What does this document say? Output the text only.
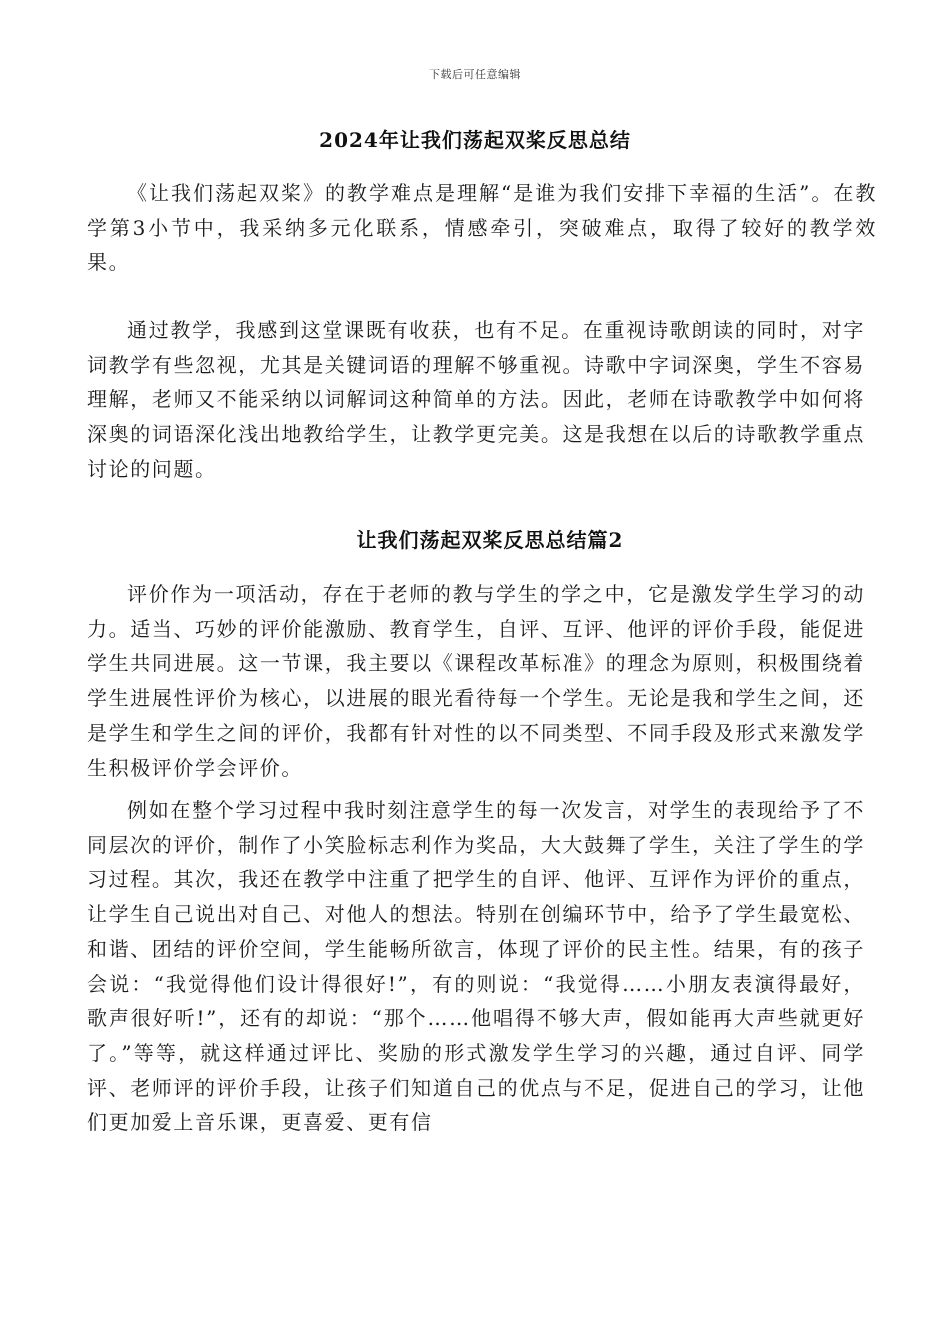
下载后可任意编辑
2024年让我们荡起双桨反思总结

《让我们荡起双桨》的教学难点是理解“是谁为我们安排下幸福的生活”。在教学第3小节中，我采纳多元化联系，情感牵引，突破难点，取得了较好的教学效果。

通过教学，我感到这堂课既有收获，也有不足。在重视诗歌朗读的同时，对字词教学有些忽视，尤其是关键词语的理解不够重视。诗歌中字词深奥，学生不容易理解，老师又不能采纳以词解词这种简单的方法。因此，老师在诗歌教学中如何将深奥的词语深化浅出地教给学生，让教学更完美。这是我想在以后的诗歌教学重点讨论的问题。

让我们荡起双桨反思总结篇2

评价作为一项活动，存在于老师的教与学生的学之中，它是激发学生学习的动力。适当、巧妙的评价能激励、教育学生，自评、互评、他评的评价手段，能促进学生共同进展。这一节课，我主要以《课程改革标准》的理念为原则，积极围绕着学生进展性评价为核心，以进展的眼光看待每一个学生。无论是我和学生之间，还是学生和学生之间的评价，我都有针对性的以不同类型、不同手段及形式来激发学生积极评价学会评价。

例如在整个学习过程中我时刻注意学生的每一次发言，对学生的表现给予了不同层次的评价，制作了小笑脸标志利作为奖品，大大鼓舞了学生，关注了学生的学习过程。其次，我还在教学中注重了把学生的自评、他评、互评作为评价的重点，让学生自己说出对自己、对他人的想法。特别在创编环节中，给予了学生最宽松、和谐、团结的评价空间，学生能畅所欲言，体现了评价的民主性。结果，有的孩子会说：“我觉得他们设计得很好!”，有的则说：“我觉得……小朋友表演得最好，歌声很好听!”，还有的却说：“那个……他唱得不够大声，假如能再大声些就更好了。”等等，就这样通过评比、奖励的形式激发学生学习的兴趣，通过自评、同学评、老师评的评价手段，让孩子们知道自己的优点与不足，促进自己的学习，让他们更加爱上音乐课，更喜爱、更有信
